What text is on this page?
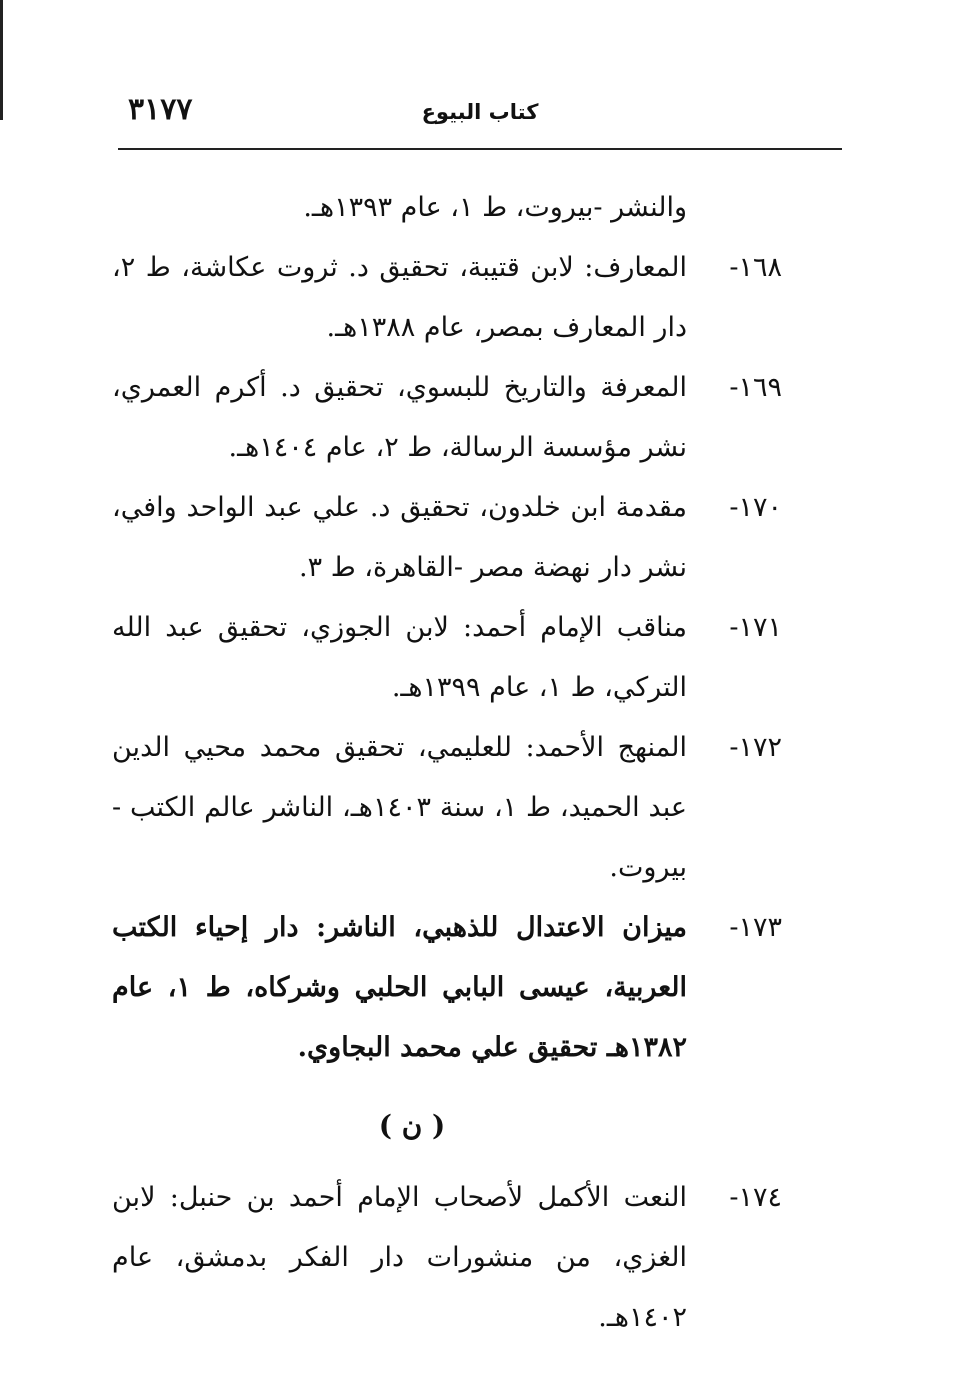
٣١٧٧	كتاب البيوع
والنشر -بيروت، ط ١، عام ١٣٩٣هـ.
١٦٨-
المعارف: لابن قتيبة، تحقيق د. ثروت عكاشة، ط ٢، دار المعارف بمصر، عام ١٣٨٨هـ.
١٦٩-
المعرفة والتاريخ للبسوي، تحقيق د. أكرم العمري، نشر مؤسسة الرسالة، ط ٢، عام ١٤٠٤هـ.
١٧٠-
مقدمة ابن خلدون، تحقيق د. علي عبد الواحد وافي، نشر دار نهضة مصر -القاهرة، ط ٣.
١٧١-
مناقب الإمام أحمد: لابن الجوزي، تحقيق عبد الله التركي، ط ١، عام ١٣٩٩هـ.
١٧٢-
المنهج الأحمد: للعليمي، تحقيق محمد محيي الدين عبد الحميد، ط ١، سنة ١٤٠٣هـ، الناشر عالم الكتب - بيروت.
١٧٣-
ميزان الاعتدال للذهبي، الناشر: دار إحياء الكتب العربية، عيسى البابي الحلبي وشركاه، ط ١، عام ١٣٨٢هـ تحقيق علي محمد البجاوي.
( ن )
١٧٤-
النعت الأكمل لأصحاب الإمام أحمد بن حنبل: لابن الغزي، من منشورات دار الفكر بدمشق، عام ١٤٠٢هـ.
